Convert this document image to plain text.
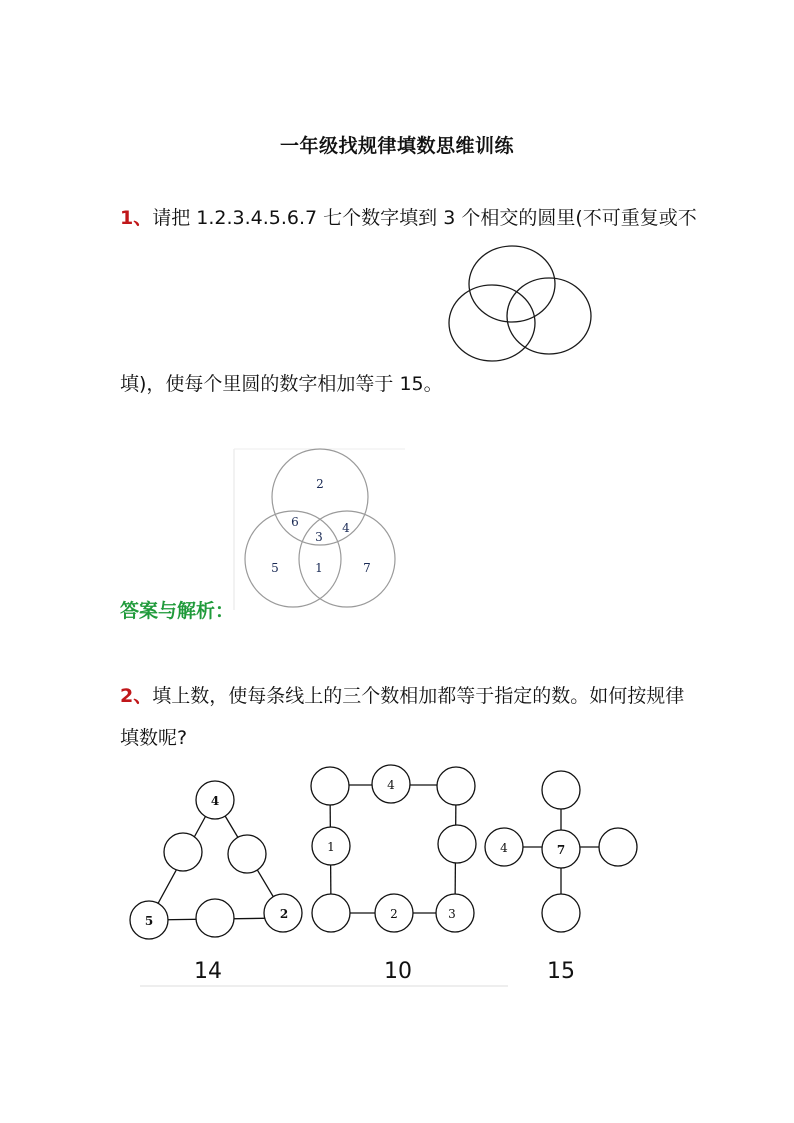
一年级找规律填数思维训练
1、请把 1.2.3.4.5.6.7 七个数字填到 3 个相交的圆里(不可重复或不
填)，使每个里圆的数字相加等于 15。
2
6	4
3
5	1	7
答案与解析：
2、填上数，使每条线上的三个数相加都等于指定的数。如何按规律
填数呢?
4
5	2
4
1
2	3
4	7
14	10	15
